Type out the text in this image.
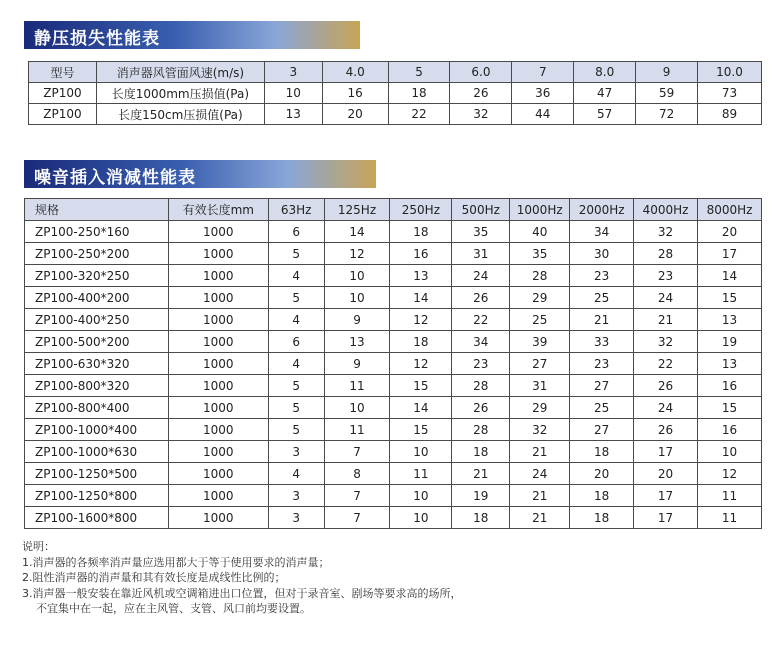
静压损失性能表
型号	消声器风管面风速(m/s)	3	4.0	5	6.0	7	8.0	9	10.0
ZP100	长度1000mm压损值(Pa)	10	16	18	26	36	47	59	73
ZP100	长度150cm压损值(Pa)	13	20	22	32	44	57	72	89
噪音插入消减性能表
规格	有效长度mm	63Hz	125Hz	250Hz	500Hz	1000Hz	2000Hz	4000Hz	8000Hz
ZP100-250*160	1000	6	14	18	35	40	34	32	20
ZP100-250*200	1000	5	12	16	31	35	30	28	17
ZP100-320*250	1000	4	10	13	24	28	23	23	14
ZP100-400*200	1000	5	10	14	26	29	25	24	15
ZP100-400*250	1000	4	9	12	22	25	21	21	13
ZP100-500*200	1000	6	13	18	34	39	33	32	19
ZP100-630*320	1000	4	9	12	23	27	23	22	13
ZP100-800*320	1000	5	11	15	28	31	27	26	16
ZP100-800*400	1000	5	10	14	26	29	25	24	15
ZP100-1000*400	1000	5	11	15	28	32	27	26	16
ZP100-1000*630	1000	3	7	10	18	21	18	17	10
ZP100-1250*500	1000	4	8	11	21	24	20	20	12
ZP100-1250*800	1000	3	7	10	19	21	18	17	11
ZP100-1600*800	1000	3	7	10	18	21	18	17	11
说明：
1.消声器的各频率消声量应选用都大于等于使用要求的消声量；
2.阻性消声器的消声量和其有效长度是成线性比例的；
3.消声器一般安装在靠近风机或空调箱进出口位置，但对于录音室、剧场等要求高的场所，
不宜集中在一起，应在主风管、支管、风口前均要设置。
